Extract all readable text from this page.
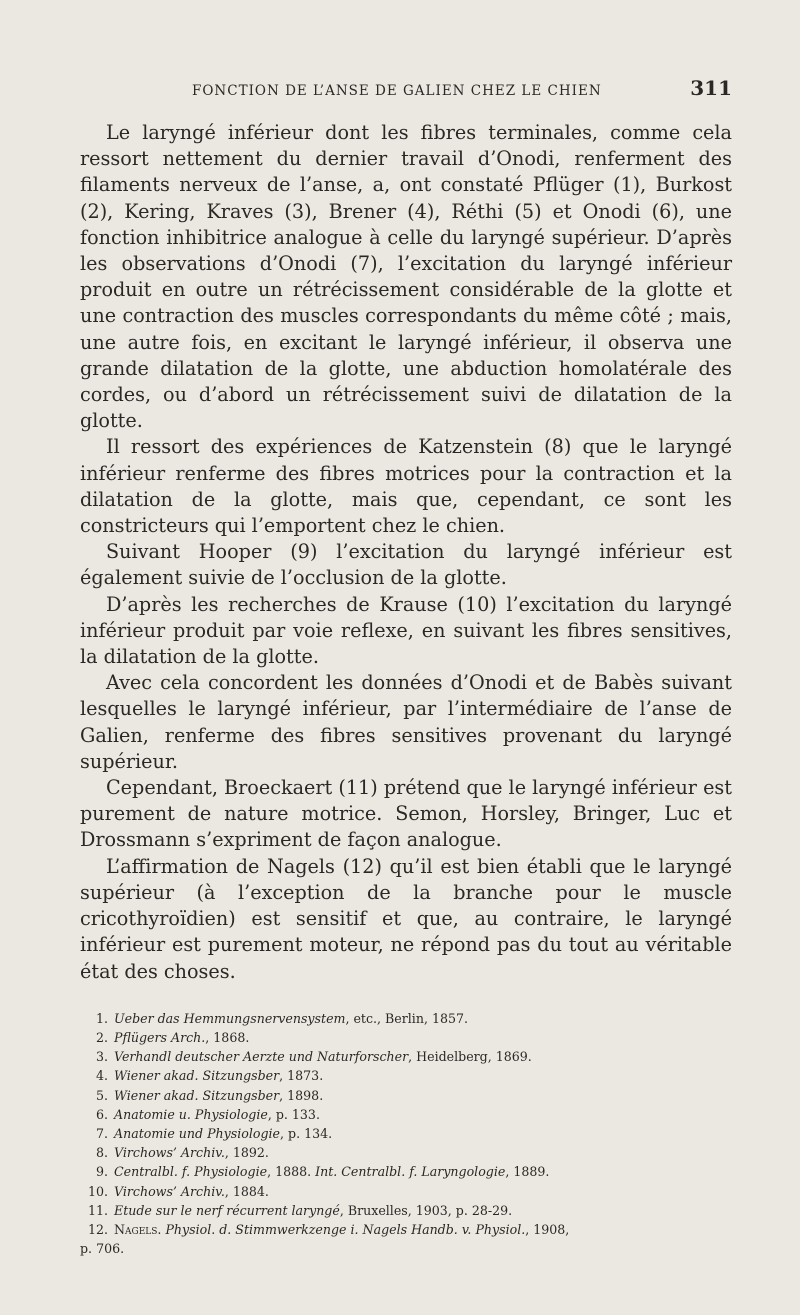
FONCTION DE L’ANSE DE GALIEN CHEZ LE CHIEN	311

Le laryngé inférieur dont les fibres terminales, comme cela ressort nettement du dernier travail d’Onodi, renferment des filaments nerveux de l’anse, a, ont constaté Pflüger (1), Burkost (2), Kering, Kraves (3), Brener (4), Réthi (5) et Onodi (6), une fonction inhibitrice analogue à celle du laryngé supérieur. D’après les observations d’Onodi (7), l’excitation du laryngé inférieur produit en outre un rétrécissement considérable de la glotte et une contraction des muscles correspondants du même côté ; mais, une autre fois, en excitant le laryngé inférieur, il observa une grande dilatation de la glotte, une abduction homolatérale des cordes, ou d’abord un rétrécissement suivi de dilatation de la glotte.

Il ressort des expériences de Katzenstein (8) que le laryngé inférieur renferme des fibres motrices pour la contraction et la dilatation de la glotte, mais que, cependant, ce sont les constricteurs qui l’emportent chez le chien.

Suivant Hooper (9) l’excitation du laryngé inférieur est également suivie de l’occlusion de la glotte.

D’après les recherches de Krause (10) l’excitation du laryngé inférieur produit par voie reflexe, en suivant les fibres sensitives, la dilatation de la glotte.

Avec cela concordent les données d’Onodi et de Babès suivant lesquelles le laryngé inférieur, par l’intermédiaire de l’anse de Galien, renferme des fibres sensitives provenant du laryngé supérieur.

Cependant, Broeckaert (11) prétend que le laryngé inférieur est purement de nature motrice. Semon, Horsley, Bringer, Luc et Drossmann s’expriment de façon analogue.

L’affirmation de Nagels (12) qu’il est bien établi que le laryngé supérieur (à l’exception de la branche pour le muscle cricothyroïdien) est sensitif et que, au contraire, le laryngé inférieur est purement moteur, ne répond pas du tout au véritable état des choses.

1. Ueber das Hemmungsnervensystem, etc., Berlin, 1857.
2. Pflügers Arch., 1868.
3. Verhandl deutscher Aerzte und Naturforscher, Heidelberg, 1869.
4. Wiener akad. Sitzungsber, 1873.
5. Wiener akad. Sitzungsber, 1898.
6. Anatomie u. Physiologie, p. 133.
7. Anatomie und Physiologie, p. 134.
8. Virchows’ Archiv., 1892.
9. Centralbl. f. Physiologie, 1888. Int. Centralbl. f. Laryngologie, 1889.
10. Virchows’ Archiv., 1884.
11. Etude sur le nerf récurrent laryngé, Bruxelles, 1903, p. 28-29.
12. Nagels. Physiol. d. Stimmwerkzenge i. Nagels Handb. v. Physiol., 1908,
p. 706.
